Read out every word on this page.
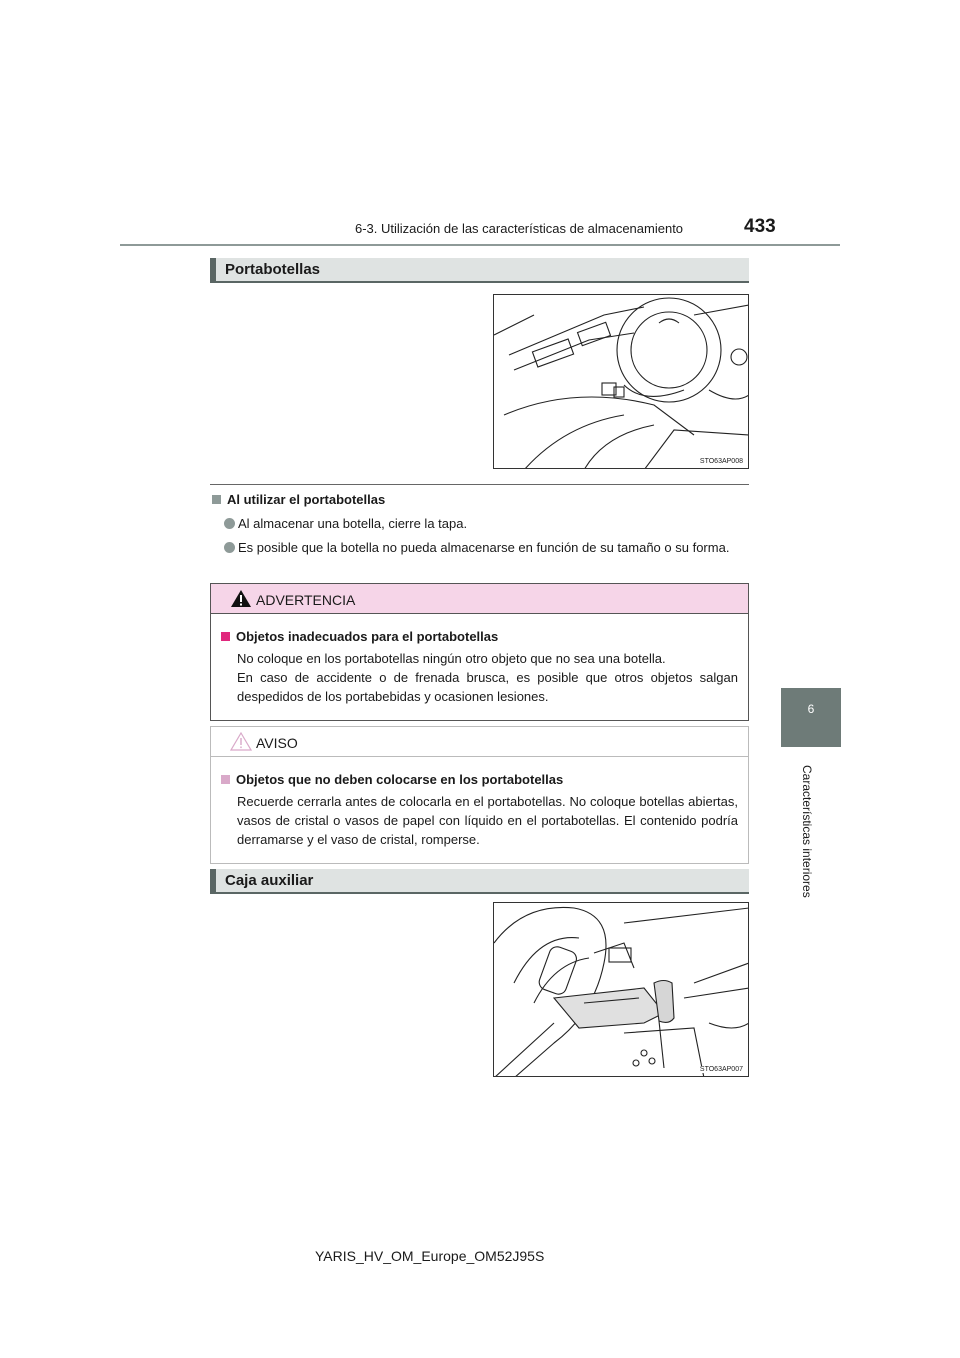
6-3. Utilización de las características de almacenamiento	433
6
Características interiores
Portabotellas
STO63AP008
Al utilizar el portabotellas
Al almacenar una botella, cierre la tapa.
Es posible que la botella no pueda almacenarse en función de su tamaño o su forma.
ADVERTENCIA
Objetos inadecuados para el portabotellas
No coloque en los portabotellas ningún otro objeto que no sea una botella.
En caso de accidente o de frenada brusca, es posible que otros objetos salgan despedidos de los portabebidas y ocasionen lesiones.
AVISO
Objetos que no deben colocarse en los portabotellas
Recuerde cerrarla antes de colocarla en el portabotellas. No coloque botellas abiertas, vasos de cristal o vasos de papel con líquido en el portabotellas. El contenido podría derramarse y el vaso de cristal, romperse.
Caja auxiliar
STO63AP007
YARIS_HV_OM_Europe_OM52J95S
